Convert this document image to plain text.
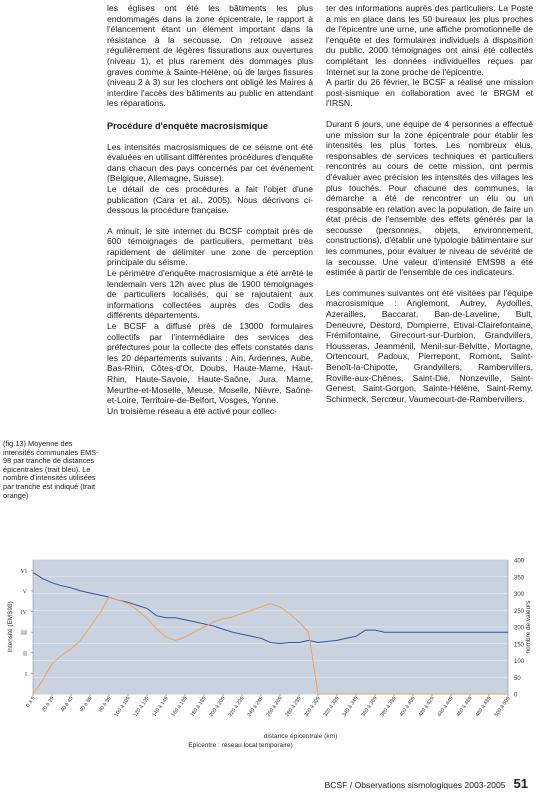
les églises ont été les bâtiments les plus endommagés dans la zone épicentrale, le rapport à l'élancement étant un élément important dans la résistance à la secousse. On retrouve assez régulièrement de légères fissurations aux ouvertures (niveau 1), et plus rarement des dommages plus graves comme à Sainte-Hélène, où de larges fissures (niveau 2 à 3) sur les clochers ont obligé les Maires à interdire l'accès des bâtiments au public en attendant les réparations.

Procédure d'enquête macrosismique

Les intensités macrosismiques de ce séisme ont été évaluées en utilisant différentes procédures d'enquête dans chacun des pays concernés par cet événement (Belgique, Allemagne, Suisse).

Le détail de ces procédures a fait l'objet d'une publication (Cara et al., 2005). Nous décrivons ci-dessous la procédure française.

A minuit, le site internet du BCSF comptait près de 600 témoignages de particuliers, permettant très rapidement de délimiter une zone de perception principale du séisme.

Le périmètre d'enquête macrosismique a été arrêté le lendemain vers 12h avec plus de 1900 témoignages de particuliers localisés, qui se rajoutaient aux informations collectées auprès des Codis des différents départements.

Le BCSF a diffusé près de 13000 formulaires collectifs par l'intermédiaire des services des préfectures pour la collecte des effets constatés dans les 20 départements suivants : Ain, Ardennes, Aube, Bas-Rhin, Côtes-d'Or, Doubs, Haute-Marne, Haut-Rhin, Haute-Savoie, Haute-Saône, Jura, Marne, Meurthe-et-Moselle, Meuse, Moselle, Nièvre, Saône-et-Loire, Territoire-de-Belfort, Vosges, Yonne.

Un troisième réseau a été activé pour collec-

ter des informations auprès des particuliers. La Poste a mis en place dans les 50 bureaux les plus proches de l'épicentre une urne, une affiche promotionnelle de l'enquête et des formulaires individuels à disposition du public. 2000 témoignages ont ainsi été collectés complétant les données individuelles reçues par Internet sur la zone proche de l'épicentre.

A partir du 26 février, le BCSF a réalisé une mission post-sismique en collaboration avec le BRGM et l'IRSN.

Durant 6 jours, une équipe de 4 personnes a effectué une mission sur la zone épicentrale pour établir les intensités les plus fortes. Les nombreux élus, responsables de services techniques et particuliers rencontrés au cours de cette mission, ont permis d'évaluer avec précision les intensités des villages les plus touchés. Pour chacune des communes, la démarche a été de rencontrer un élu ou un responsable en relation avec la population, de faire un état précis de l'ensemble des effets générés par la secousse (personnes, objets, environnement, constructions), d'établir une typologie bâtimentaire sur les communes, pour évaluer le niveau de sévérité de la secousse. Une valeur d'intensité EMS98 a été estimée à partir de l'ensemble de ces indicateurs.

Les communes suivantes ont été visitées par l'équipe macrosismique : Anglemont, Autrey, Aydoilles, Azerailles, Baccarat, Ban-de-Laveline, Bult, Deneuvre, Destord, Dompierre, Etival-Clairefontaine, Frémifontaine, Girecourt-sur-Durbion, Grandvillers, Housseras, Jeanménil, Menil-sur-Belvitte, Mortagne, Ortencourt, Padoux, Pierrepont, Romont, Saint-Benoît-la-Chipotte, Grandvillers, Rambervillers, Roville-aux-Chênes, Saint-Dié, Nonzeville, Saint-Genest, Saint-Gorgon, Sainte-Hélène, Saint-Remy, Schirmeck, Sercœur, Vaumecourt-de-Rambervillers.

(fig.13) Moyenne des intensités communales EMS-98 par tranche de distances épicentrales (trait bleu). Le nombre d'intensités utilisées par tranche est indiqué (trait orange)
0
50
100
150
200
250
300
350
400
I
II
III
IV
V
VI
0 à 9 20 à 29 40 à 49 60 à 69 80 à 89 100 à 109 120 à 129 140 à 149 160 à 169 180 à 189 200 à 209 220 à 229 240 à 249 260 à 269 280 à 289 300 à 309 320 à 329 340 à 349 360 à 369 380 à 389 400 à 409 420 à 429 440 à 449 460 à 469 480 à 489 500 à 509
Intensité (EMS98)	nombre de valeurs
distance épicentrale (km)
Epicentre : réseau local temporaire)
BCSF / Observations sismologiques 2003-2005 51
